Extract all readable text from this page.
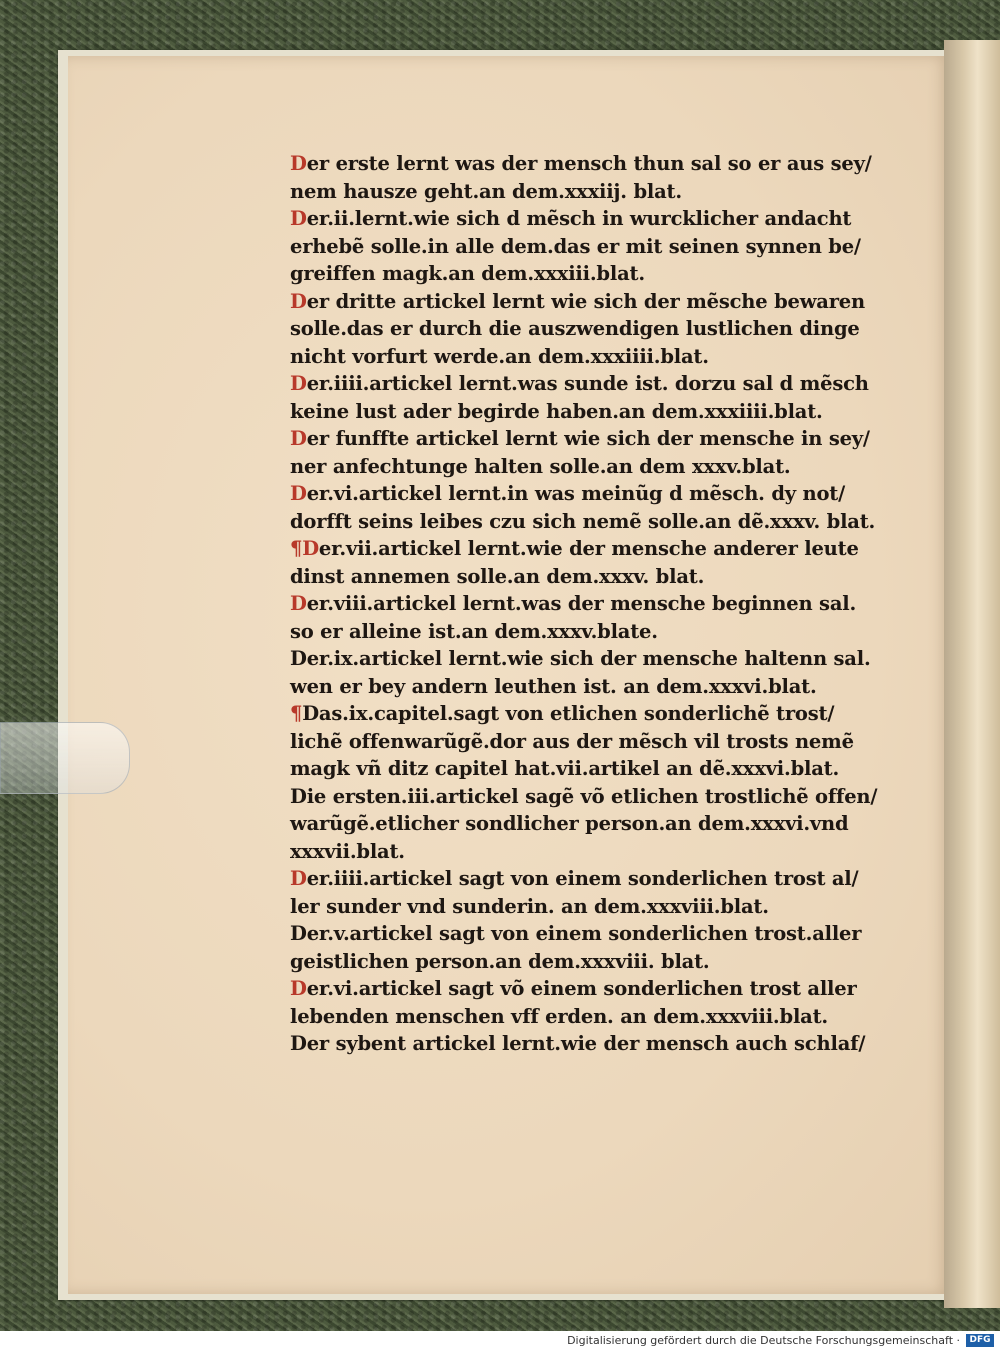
Der erste lernt was der mensch thun sal so er aus sey/
nem hausze geht.an dem.xxxiij. blat.
Der.ii.lernt.wie sich d mẽsch in wurcklicher andacht
erhebẽ solle.in alle dem.das er mit seinen synnen be/
greiffen magk.an dem.xxxiii.blat.
Der dritte artickel lernt wie sich der mẽsche bewaren
solle.das er durch die auszwendigen lustlichen dinge
nicht vorfurt werde.an dem.xxxiiii.blat.
Der.iiii.artickel lernt.was sunde ist. dorzu sal d mẽsch
keine lust ader begirde haben.an dem.xxxiiii.blat.
Der funffte artickel lernt wie sich der mensche in sey/
ner anfechtunge halten solle.an dem xxxv.blat.
Der.vi.artickel lernt.in was meinũg d mẽsch. dy not/
dorfft seins leibes czu sich nemẽ solle.an dẽ.xxxv. blat.
¶Der.vii.artickel lernt.wie der mensche anderer leute
dinst annemen solle.an dem.xxxv. blat.
Der.viii.artickel lernt.was der mensche beginnen sal.
so er alleine ist.an dem.xxxv.blate.
Der.ix.artickel lernt.wie sich der mensche haltenn sal.
wen er bey andern leuthen ist. an dem.xxxvi.blat.
¶Das.ix.capitel.sagt von etlichen sonderlichẽ trost/
lichẽ offenwarũgẽ.dor aus der mẽsch vil trosts nemẽ
magk vñ ditz capitel hat.vii.artikel an dẽ.xxxvi.blat.
Die ersten.iii.artickel sagẽ võ etlichen trostlichẽ offen/
warũgẽ.etlicher sondlicher person.an dem.xxxvi.vnd
xxxvii.blat.
Der.iiii.artickel sagt von einem sonderlichen trost al/
ler sunder vnd sunderin. an dem.xxxviii.blat.
Der.v.artickel sagt von einem sonderlichen trost.aller
geistlichen person.an dem.xxxviii. blat.
Der.vi.artickel sagt võ einem sonderlichen trost aller
lebenden menschen vff erden. an dem.xxxviii.blat.
Der sybent artickel lernt.wie der mensch auch schlaf/
Digitalisierung gefördert durch die Deutsche Forschungsgemeinschaft ·	DFG
